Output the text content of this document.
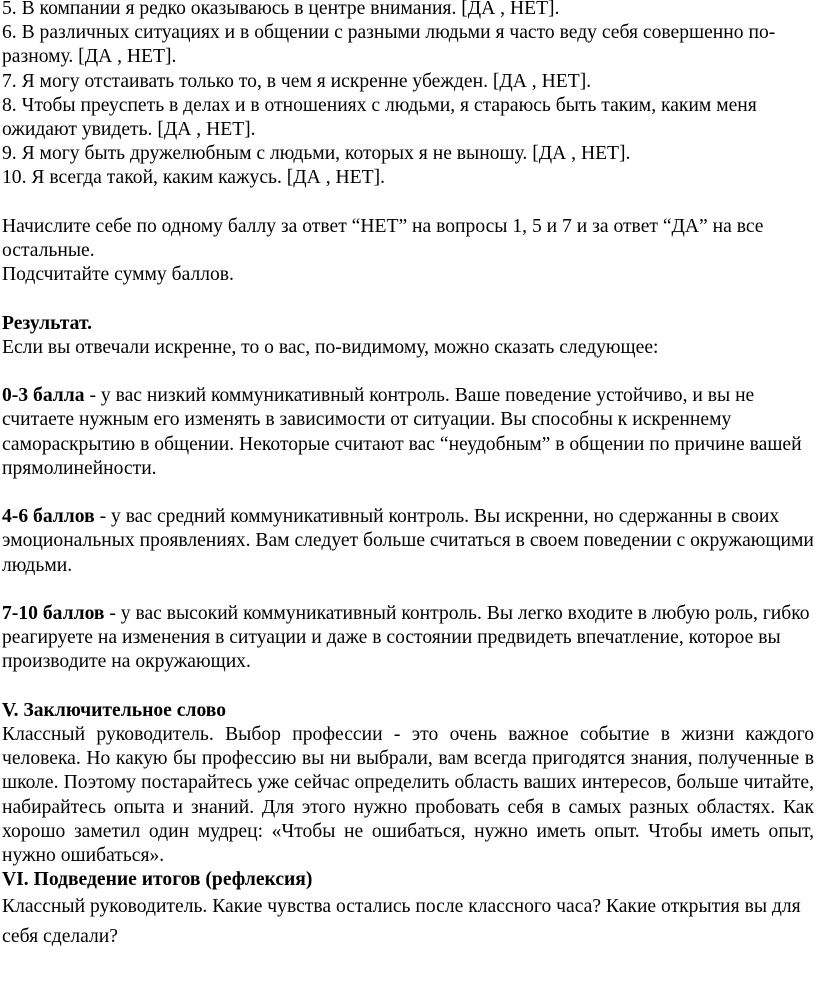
5. В компании я редко оказываюсь в центре внимания. [ДА , НЕТ].

6. В различных ситуациях и в общении с разными людьми я часто веду себя совершенно по-разному. [ДА , НЕТ].

7. Я могу отстаивать только то, в чем я искренне убежден. [ДА , НЕТ].

8. Чтобы преуспеть в делах и в отношениях с людьми, я стараюсь быть таким, каким меня ожидают увидеть. [ДА , НЕТ].

9. Я могу быть дружелюбным с людьми, которых я не выношу. [ДА , НЕТ].

10. Я всегда такой, каким кажусь. [ДА , НЕТ].

Начислите себе по одному баллу за ответ “НЕТ” на вопросы 1, 5 и 7 и за ответ “ДА” на все остальные.

Подсчитайте сумму баллов.

Результат.

Если вы отвечали искренне, то о вас, по-видимому, можно сказать следующее:

0-3 балла - у вас низкий коммуникативный контроль. Ваше поведение устойчиво, и вы не считаете нужным его изменять в зависимости от ситуации. Вы способны к искреннему самораскрытию в общении. Некоторые считают вас “неудобным” в общении по причине вашей прямолинейности.

4-6 баллов - у вас средний коммуникативный контроль. Вы искренни, но сдержанны в своих эмоциональных проявлениях. Вам следует больше считаться в своем поведении с окружающими людьми.

7-10 баллов - у вас высокий коммуникативный контроль. Вы легко входите в любую роль, гибко реагируете на изменения в ситуации и даже в состоянии предвидеть впечатление, которое вы производите на окружающих.

V. Заключительное слово

Классный руководитель. Выбор профессии - это очень важное событие в жизни каждого человека. Но какую бы профессию вы ни выбрали, вам всегда пригодятся знания, полученные в школе. Поэтому постарайтесь уже сейчас определить область ваших интересов, больше читайте, набирайтесь опыта и знаний. Для этого нужно пробовать себя в самых разных областях. Как хорошо заметил один мудрец: «Чтобы не ошибаться, нужно иметь опыт. Чтобы иметь опыт, нужно ошибаться».

VI. Подведение итогов (рефлексия)

Классный руководитель. Какие чувства остались после классного часа? Какие открытия вы для себя сделали?
